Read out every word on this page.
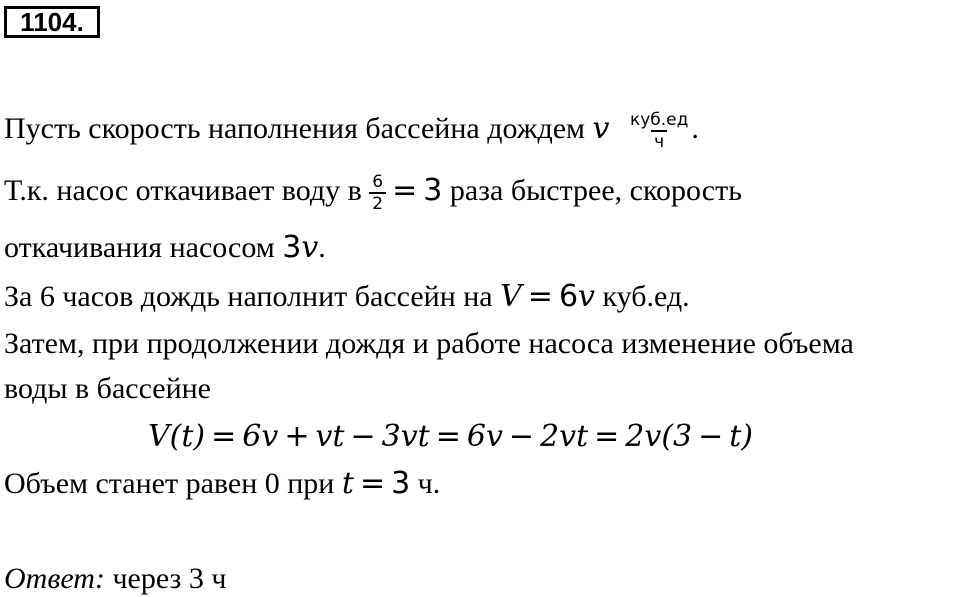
1104.
Пусть скорость наполнения бассейна дождем v $\frac{\text{куб.ед}}{ч}$ .
Т.к. насос откачивает воду в $\frac{6}{2} = 3$ раза быстрее, скорость
откачивания насосом 3v.
За 6 часов дождь наполнит бассейн на V = 6v куб.ед.
Затем, при продолжении дождя и работе насоса изменение объема
воды в бассейне
V(t) = 6v + vt − 3vt = 6v − 2vt = 2v(3 − t)
Объем станет равен 0 при t = 3 ч.
Ответ: через 3 ч
